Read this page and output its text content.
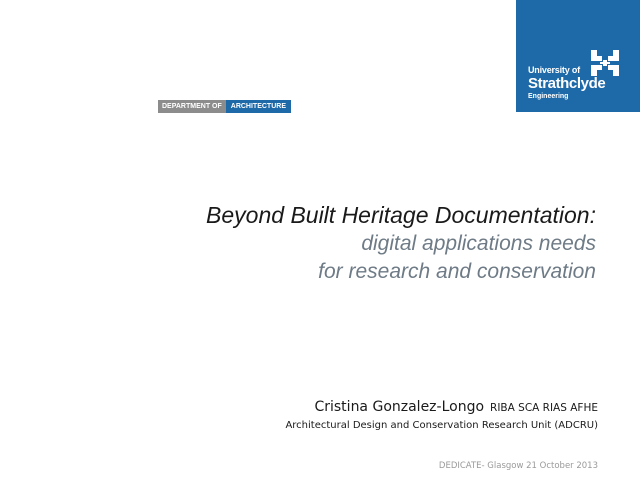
University of
Strathclyde
Engineering
DEPARTMENT OF	ARCHITECTURE
Beyond Built Heritage Documentation:
digital applications needs
for research and conservation
Cristina Gonzalez-Longo RIBA SCA RIAS AFHE
Architectural Design and Conservation Research Unit (ADCRU)
DEDICATE- Glasgow 21 October 2013
